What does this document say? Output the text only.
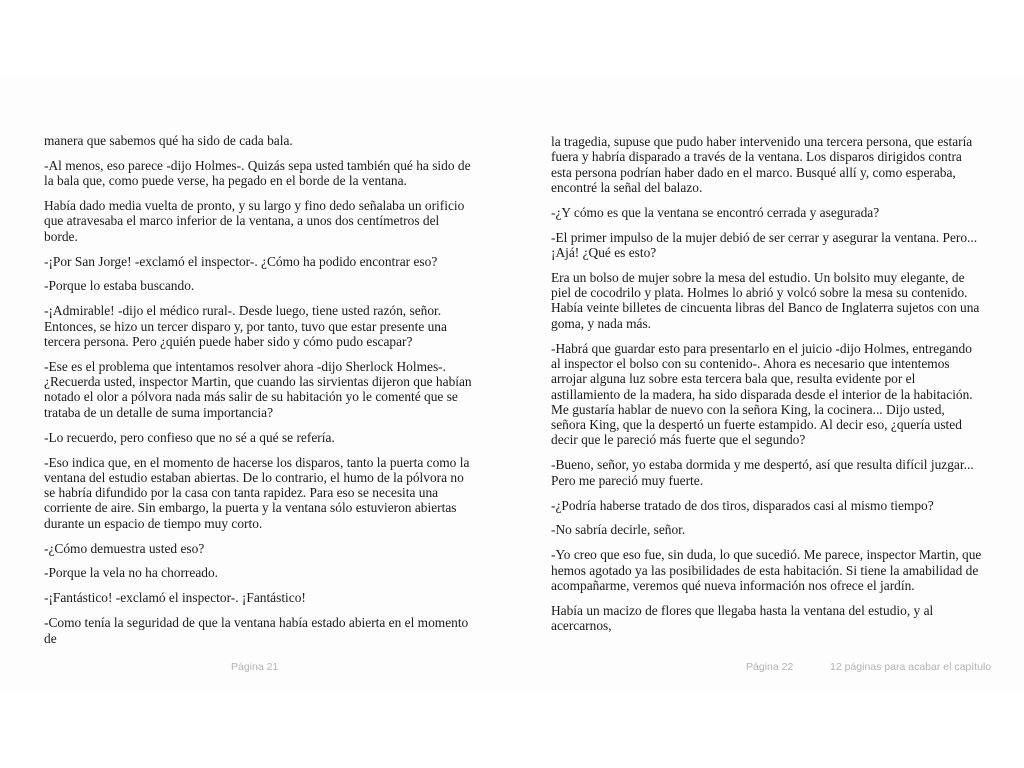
manera que sabemos qué ha sido de cada bala.

-Al menos, eso parece -dijo Holmes-. Quizás sepa usted también qué ha sido de la bala que, como puede verse, ha pegado en el borde de la ventana.

Había dado media vuelta de pronto, y su largo y fino dedo señalaba un orificio que atravesaba el marco inferior de la ventana, a unos dos centímetros del borde.

-¡Por San Jorge! -exclamó el inspector-. ¿Cómo ha podido encontrar eso?

-Porque lo estaba buscando.

-¡Admirable! -dijo el médico rural-. Desde luego, tiene usted razón, señor. Entonces, se hizo un tercer disparo y, por tanto, tuvo que estar presente una tercera persona. Pero ¿quién puede haber sido y cómo pudo escapar?

-Ese es el problema que intentamos resolver ahora -dijo Sherlock Holmes-. ¿Recuerda usted, inspector Martin, que cuando las sirvientas dijeron que habían notado el olor a pólvora nada más salir de su habitación yo le comenté que se trataba de un detalle de suma importancia?

-Lo recuerdo, pero confieso que no sé a qué se refería.

-Eso indica que, en el momento de hacerse los disparos, tanto la puerta como la ventana del estudio estaban abiertas. De lo contrario, el humo de la pólvora no se habría difundido por la casa con tanta rapidez. Para eso se necesita una corriente de aire. Sin embargo, la puerta y la ventana sólo estuvieron abiertas durante un espacio de tiempo muy corto.

-¿Cómo demuestra usted eso?

-Porque la vela no ha chorreado.

-¡Fantástico! -exclamó el inspector-. ¡Fantástico!

-Como tenía la seguridad de que la ventana había estado abierta en el momento de

la tragedia, supuse que pudo haber intervenido una tercera persona, que estaría fuera y habría disparado a través de la ventana. Los disparos dirigidos contra esta persona podrían haber dado en el marco. Busqué allí y, como esperaba, encontré la señal del balazo.

-¿Y cómo es que la ventana se encontró cerrada y asegurada?

-El primer impulso de la mujer debió de ser cerrar y asegurar la ventana. Pero... ¡Ajá! ¿Qué es esto?

Era un bolso de mujer sobre la mesa del estudio. Un bolsito muy elegante, de piel de cocodrilo y plata. Holmes lo abrió y volcó sobre la mesa su contenido. Había veinte billetes de cincuenta libras del Banco de Inglaterra sujetos con una goma, y nada más.

-Habrá que guardar esto para presentarlo en el juicio -dijo Holmes, entregando al inspector el bolso con su contenido-. Ahora es necesario que intentemos arrojar alguna luz sobre esta tercera bala que, resulta evidente por el astillamiento de la madera, ha sido disparada desde el interior de la habitación. Me gustaría hablar de nuevo con la señora King, la cocinera... Dijo usted, señora King, que la despertó un fuerte estampido. Al decir eso, ¿quería usted decir que le pareció más fuerte que el segundo?

-Bueno, señor, yo estaba dormida y me despertó, así que resulta difícil juzgar... Pero me pareció muy fuerte.

-¿Podría haberse tratado de dos tiros, disparados casi al mismo tiempo?

-No sabría decirle, señor.

-Yo creo que eso fue, sin duda, lo que sucedió. Me parece, inspector Martin, que hemos agotado ya las posibilidades de esta habitación. Si tiene la amabilidad de acompañarme, veremos qué nueva información nos ofrece el jardín.

Había un macizo de flores que llegaba hasta la ventana del estudio, y al acercarnos,

Página 21	Página 22	12 páginas para acabar el capítulo
